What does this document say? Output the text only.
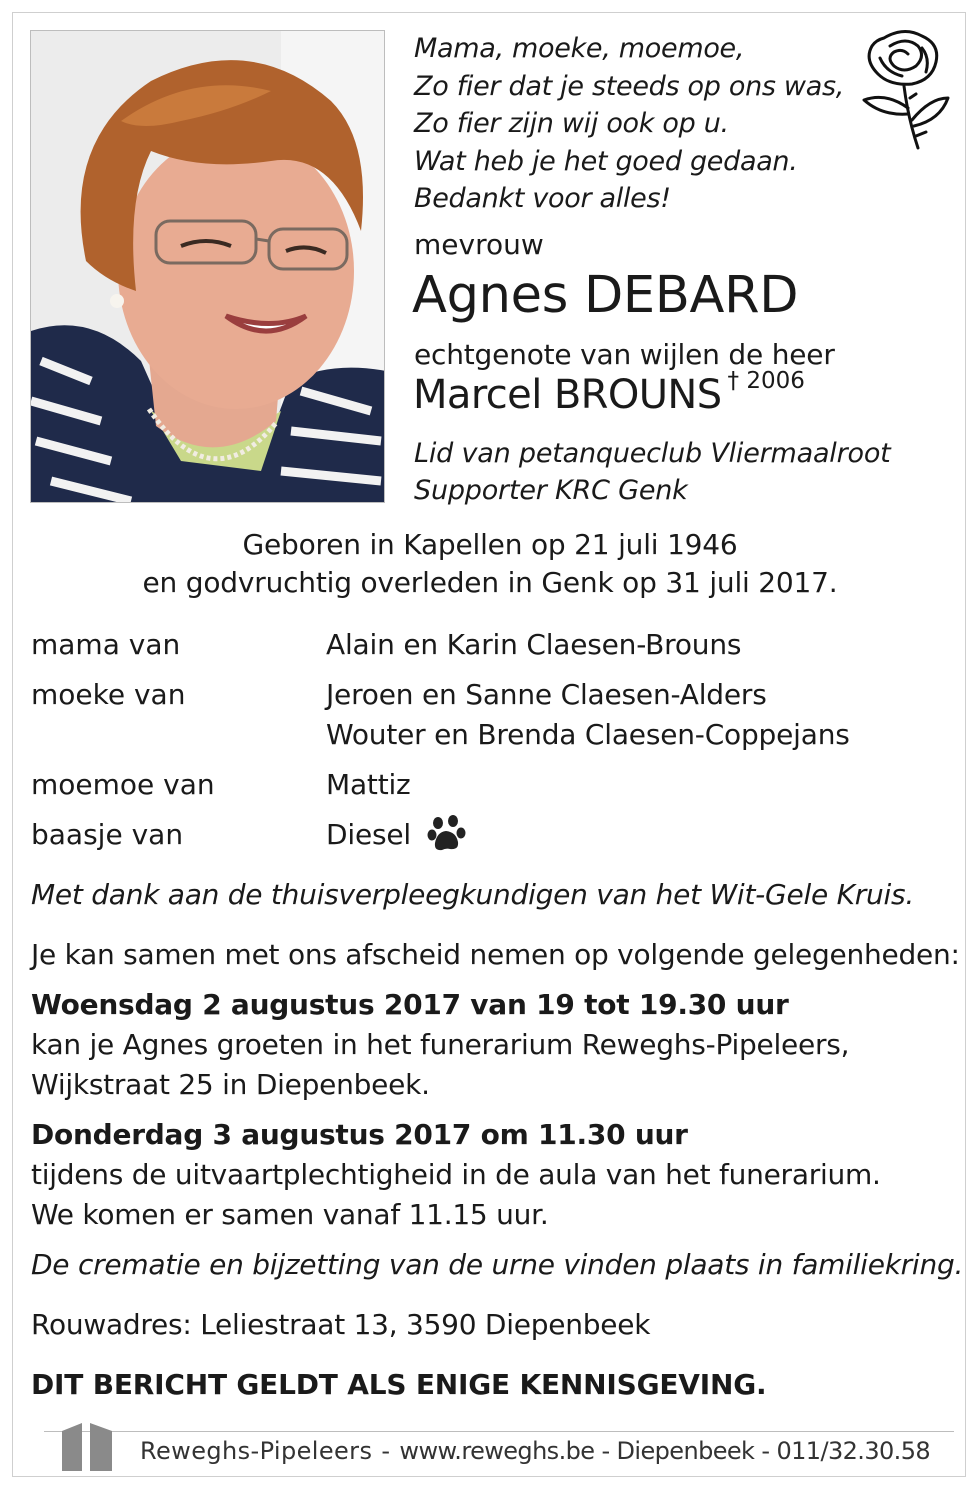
Mama, moeke, moemoe,
Zo fier dat je steeds op ons was,
Zo fier zijn wij ook op u.
Wat heb je het goed gedaan.
Bedankt voor alles!
mevrouw
Agnes DEBARD
echtgenote van wijlen de heer
Marcel BROUNS $^{\dagger 2006}$
Lid van petanqueclub Vliermaalroot
Supporter KRC Genk
Geboren in Kapellen op 21 juli 1946
en godvruchtig overleden in Genk op 31 juli 2017.
mama van	Alain en Karin Claesen-Brouns
moeke van	Jeroen en Sanne Claesen-Alders
Wouter en Brenda Claesen-Coppejans
moemoe van	Mattiz
baasje van	Diesel
Met dank aan de thuisverpleegkundigen van het Wit-Gele Kruis.
Je kan samen met ons afscheid nemen op volgende gelegenheden:
Woensdag 2 augustus 2017 van 19 tot 19.30 uur
kan je Agnes groeten in het funerarium Reweghs-Pipeleers,
Wijkstraat 25 in Diepenbeek.
Donderdag 3 augustus 2017 om 11.30 uur
tijdens de uitvaartplechtigheid in de aula van het funerarium.
We komen er samen vanaf 11.15 uur.
De crematie en bijzetting van de urne vinden plaats in familiekring.
Rouwadres: Leliestraat 13, 3590 Diepenbeek
DIT BERICHT GELDT ALS ENIGE KENNISGEVING.
Reweghs-Pipeleers - www.reweghs.be - Diepenbeek - 011/32.30.58
